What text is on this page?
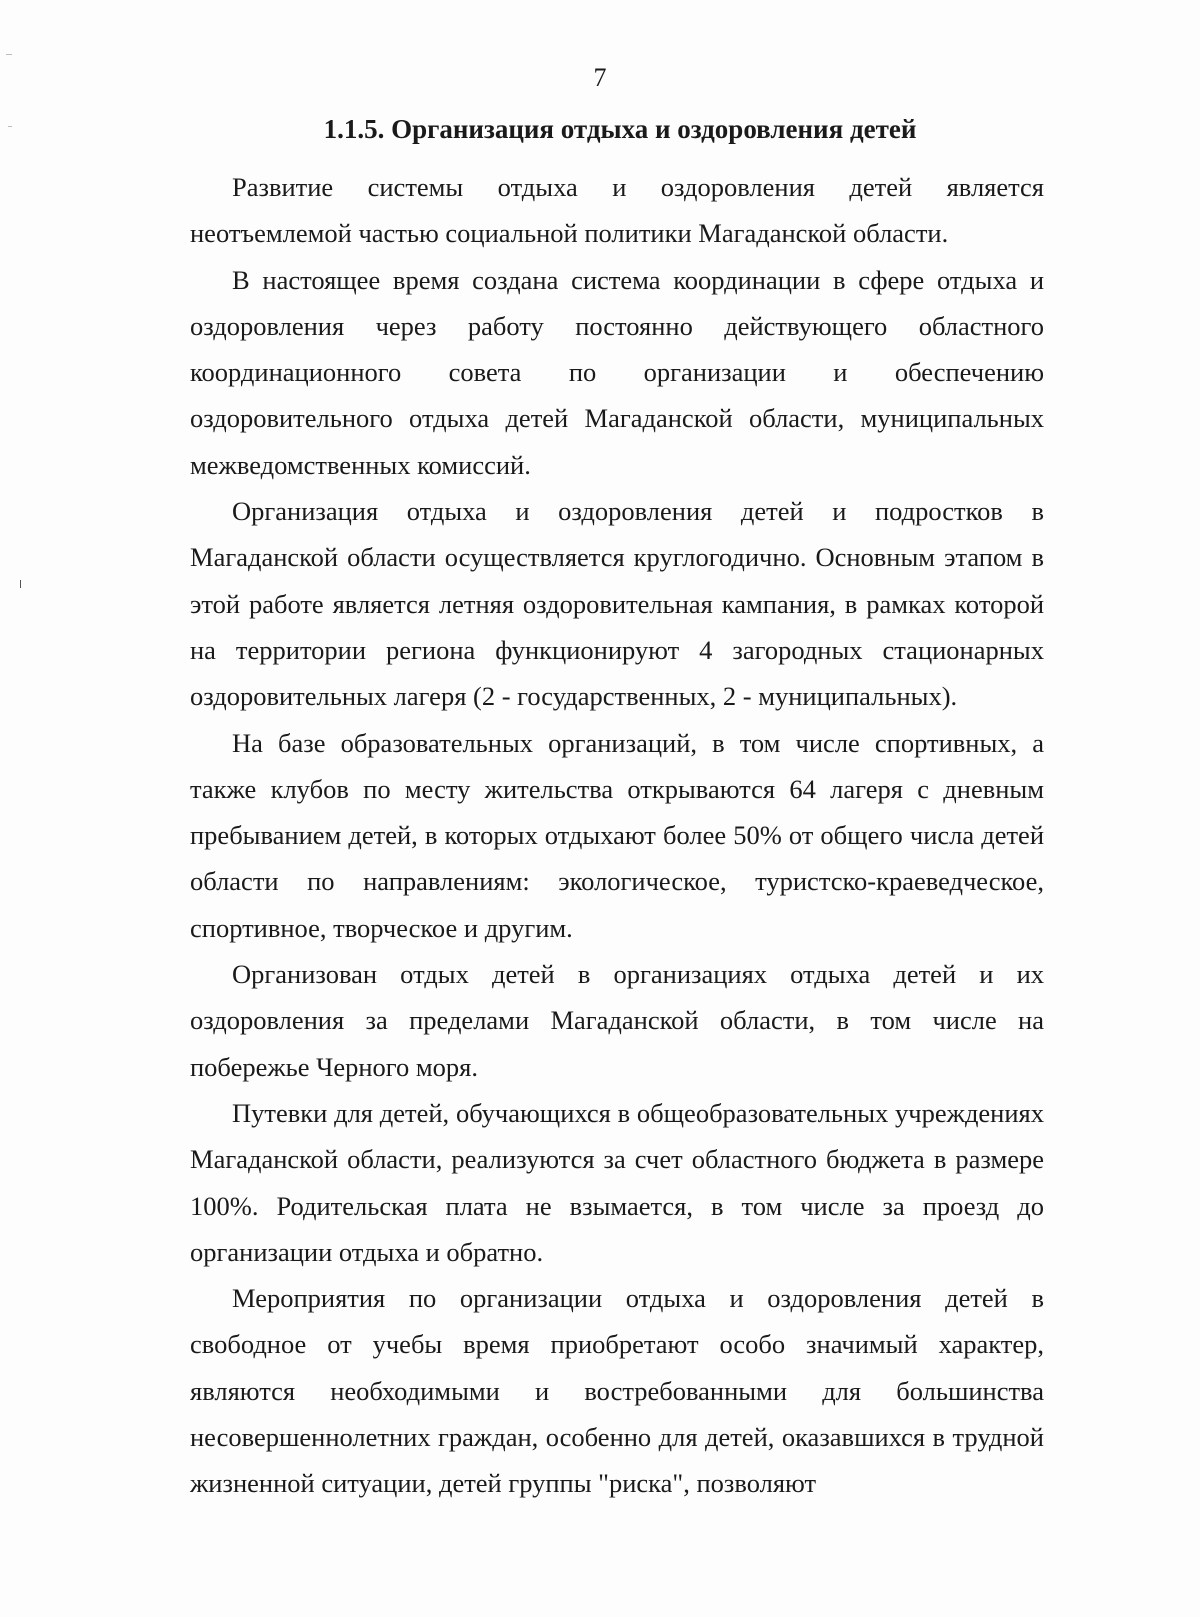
7
1.1.5. Организация отдыха и оздоровления детей

Развитие системы отдыха и оздоровления детей является неотъемлемой частью социальной политики Магаданской области.

В настоящее время создана система координации в сфере отдыха и оздоровления через работу постоянно действующего областного координационного совета по организации и обеспечению оздоровительного отдыха детей Магаданской области, муниципальных межведомственных комиссий.

Организация отдыха и оздоровления детей и подростков в Магаданской области осуществляется круглогодично. Основным этапом в этой работе является летняя оздоровительная кампания, в рамках которой на территории региона функционируют 4 загородных стационарных оздоровительных лагеря (2 - государственных, 2 - муниципальных).

На базе образовательных организаций, в том числе спортивных, а также клубов по месту жительства открываются 64 лагеря с дневным пребыванием детей, в которых отдыхают более 50% от общего числа детей области по направлениям: экологическое, туристско-краеведческое, спортивное, творческое и другим.

Организован отдых детей в организациях отдыха детей и их оздоровления за пределами Магаданской области, в том числе на побережье Черного моря.

Путевки для детей, обучающихся в общеобразовательных учреждениях Магаданской области, реализуются за счет областного бюджета в размере 100%. Родительская плата не взымается, в том числе за проезд до организации отдыха и обратно.

Мероприятия по организации отдыха и оздоровления детей в свободное от учебы время приобретают особо значимый характер, являются необходимыми и востребованными для большинства несовершеннолетних граждан, особенно для детей, оказавшихся в трудной жизненной ситуации, детей группы "риска", позволяют
